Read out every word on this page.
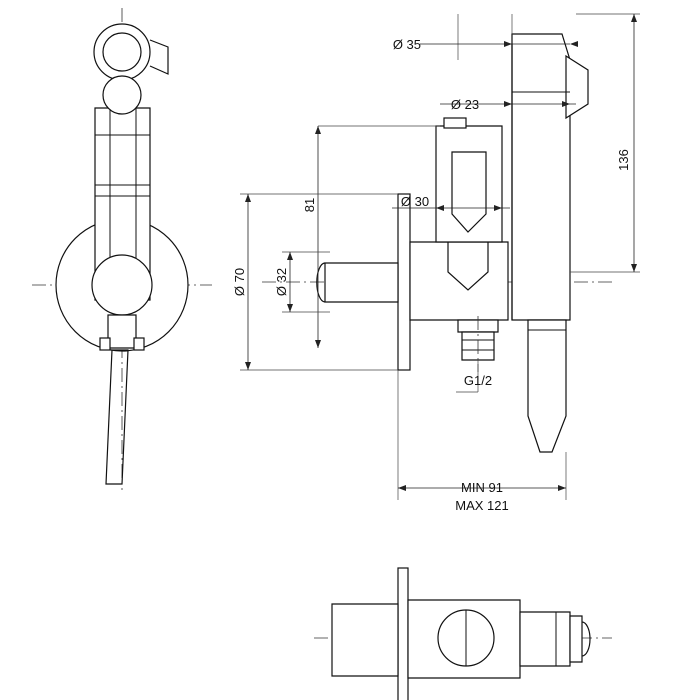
Ø 35
Ø 23
Ø 30
G1/2
MIN 91
MAX 121
81
Ø 70 Ø 32
136
